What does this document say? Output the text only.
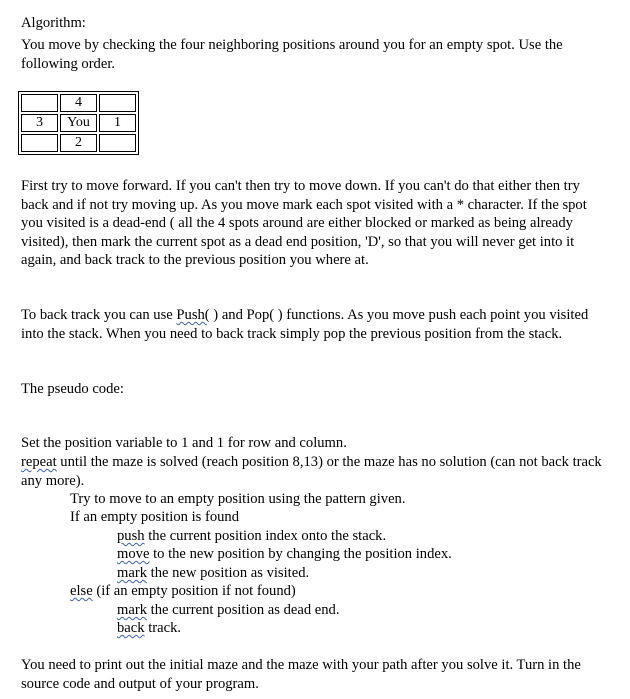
Algorithm:

You move by checking the four neighboring positions around you for an empty spot. Use the following order.

	4	
3	You	1
	2	

First try to move forward. If you can't then try to move down. If you can't do that either then try back and if not try moving up. As you move mark each spot visited with a * character. If the spot you visited is a dead-end ( all the 4 spots around are either blocked or marked as being already visited), then mark the current spot as a dead end position, 'D', so that you will never get into it again, and back track to the previous position you where at.

To back track you can use Push( ) and Pop( ) functions. As you move push each point you visited into the stack. When you need to back track simply pop the previous position from the stack.

The pseudo code:

Set the position variable to 1 and 1 for row and column.

repeat until the maze is solved (reach position 8,13) or the maze has no solution (can not back track any more).

Try to move to an empty position using the pattern given.

If an empty position is found

push the current position index onto the stack.

move to the new position by changing the position index.

mark the new position as visited.

else (if an empty position if not found)

mark the current position as dead end.

back track.

You need to print out the initial maze and the maze with your path after you solve it. Turn in the source code and output of your program.
